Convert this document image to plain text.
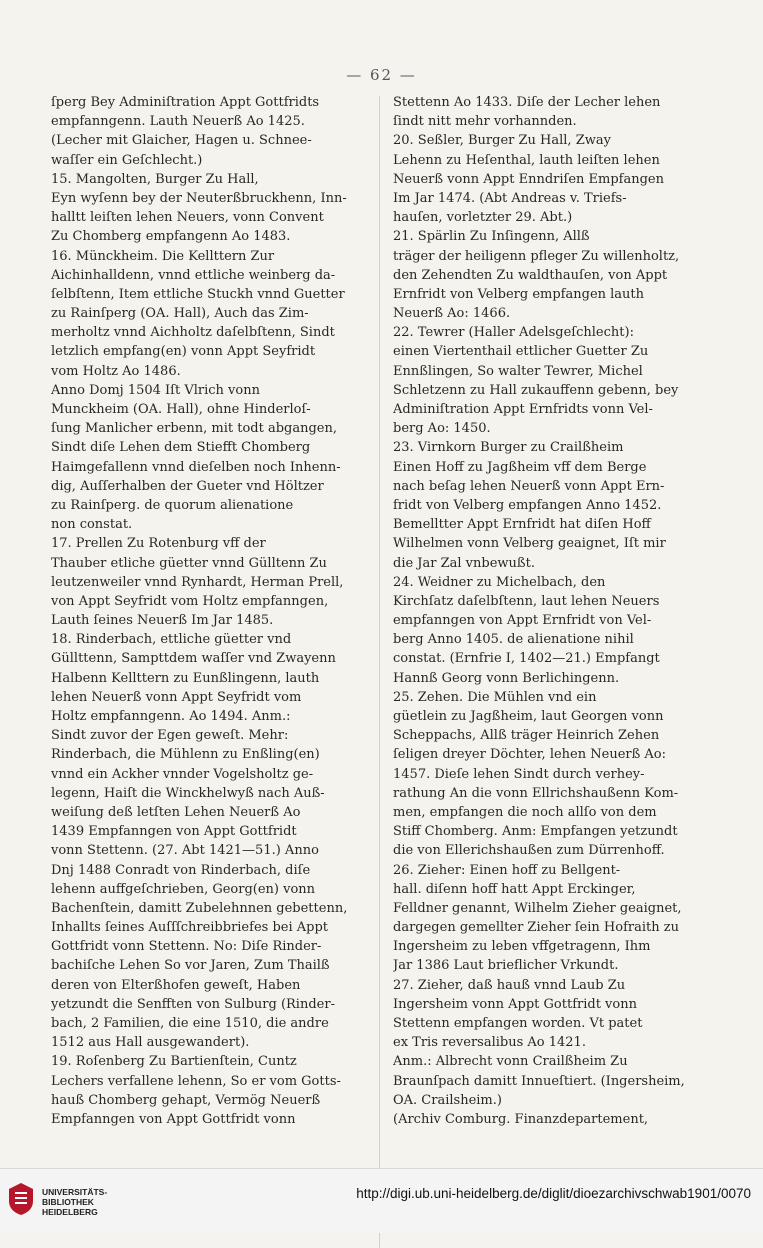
— 62 —
ſperg Bey Adminiſtration Appt Gottfridts
empfanngenn. Lauth Neuerß Ao 1425.
(Lecher mit Glaicher, Hagen u. Schnee-
waſſer ein Geſchlecht.)
15. Mangolten, Burger Zu Hall,
Eyn wyſenn bey der Neuterßbruckhenn, Inn-
halltt leiſten lehen Neuers, vonn Convent
Zu Chomberg empfangenn Ao 1483.
16. Münckheim. Die Kellttern Zur
Aichinhalldenn, vnnd ettliche weinberg da-
ſelbſtenn, Item ettliche Stuckh vnnd Guetter
zu Rainſperg (OA. Hall), Auch das Zim-
merholtz vnnd Aichholtz daſelbſtenn, Sindt
letzlich empfang(en) vonn Appt Seyfridt
vom Holtz Ao 1486.
Anno Domj 1504 Iſt Vlrich vonn
Munckheim (OA. Hall), ohne Hinderloſ-
ſung Manlicher erbenn, mit todt abgangen,
Sindt diſe Lehen dem Stiefft Chomberg
Haimgefallenn vnnd dieſelben noch Inhenn-
dig, Auſſerhalben der Gueter vnd Höltzer
zu Rainſperg. de quorum alienatione
non constat.
17. Prellen Zu Rotenburg vff der
Thauber etliche güetter vnnd Gülltenn Zu
leutzenweiler vnnd Rynhardt, Herman Prell,
von Appt Seyfridt vom Holtz empfanngen,
Lauth ſeines Neuerß Im Jar 1485.
18. Rinderbach, ettliche güetter vnd
Güllttenn, Sampttdem waſſer vnd Zwayenn
Halbenn Kellttern zu Eunßlingenn, lauth
lehen Neuerß vonn Appt Seyfridt vom
Holtz empfanngenn. Ao 1494. Anm.:
Sindt zuvor der Egen geweſt. Mehr:
Rinderbach, die Mühlenn zu Enßling(en)
vnnd ein Ackher vnnder Vogelsholtz ge-
legenn, Haiſt die Winckhelwyß nach Auß-
weiſung deß letſten Lehen Neuerß Ao
1439 Empfanngen von Appt Gottfridt
vonn Stettenn. (27. Abt 1421—51.) Anno
Dnj 1488 Conradt von Rinderbach, diſe
lehenn auffgeſchrieben, Georg(en) vonn
Bachenſtein, damitt Zubelehnnen gebettenn,
Inhallts ſeines Auſſſchreibbriefes bei Appt
Gottfridt vonn Stettenn. No: Diſe Rinder-
bachiſche Lehen So vor Jaren, Zum Thailß
deren von Elterßhofen geweſt, Haben
yetzundt die Senfften von Sulburg (Rinder-
bach, 2 Familien, die eine 1510, die andre
1512 aus Hall ausgewandert).
19. Roſenberg Zu Bartienſtein, Cuntz
Lechers verfallene lehenn, So er vom Gotts-
hauß Chomberg gehapt, Vermög Neuerß
Empfanngen von Appt Gottfridt vonn
Stettenn Ao 1433. Diſe der Lecher lehen
ſindt nitt mehr vorhannden.
20. Seßler, Burger Zu Hall, Zway
Lehenn zu Heſenthal, lauth leiſten lehen
Neuerß vonn Appt Enndriſen Empfangen
Im Jar 1474. (Abt Andreas v. Triefs-
hauſen, vorletzter 29. Abt.)
21. Spärlin Zu Inſingenn, Allß
träger der heiligenn pfleger Zu willenholtz,
den Zehendten Zu waldthauſen, von Appt
Ernfridt von Velberg empfangen lauth
Neuerß Ao: 1466.
22. Tewrer (Haller Adelsgeſchlecht):
einen Viertenthail ettlicher Guetter Zu
Ennßlingen, So walter Tewrer, Michel
Schletzenn zu Hall zukauffenn gebenn, bey
Adminiſtration Appt Ernfridts vonn Vel-
berg Ao: 1450.
23. Virnkorn Burger zu Crailßheim
Einen Hoff zu Jagßheim vff dem Berge
nach beſag lehen Neuerß vonn Appt Ern-
fridt von Velberg empfangen Anno 1452.
Bemelltter Appt Ernfridt hat diſen Hoff
Wilhelmen vonn Velberg geaignet, Iſt mir
die Jar Zal vnbewußt.
24. Weidner zu Michelbach, den
Kirchſatz daſelbſtenn, laut lehen Neuers
empfanngen von Appt Ernfridt von Vel-
berg Anno 1405. de alienatione nihil
constat. (Ernfrie I, 1402—21.) Empfangt
Hannß Georg vonn Berlichingenn.
25. Zehen. Die Mühlen vnd ein
güetlein zu Jagßheim, laut Georgen vonn
Scheppachs, Allß träger Heinrich Zehen
ſeligen dreyer Döchter, lehen Neuerß Ao:
1457. Dieſe lehen Sindt durch verhey-
rathung An die vonn Ellrichshaußenn Kom-
men, empfangen die noch allſo von dem
Stiff Chomberg. Anm: Empfangen yetzundt
die von Ellerichshaußen zum Dürrenhoff.
26. Zieher: Einen hoff zu Bellgent-
hall. diſenn hoff hatt Appt Erckinger,
Felldner genannt, Wilhelm Zieher geaignet,
dargegen gemellter Zieher ſein Hofraith zu
Ingersheim zu leben vffgetragenn, Ihm
Jar 1386 Laut brieflicher Vrkundt.
27. Zieher, daß hauß vnnd Laub Zu
Ingersheim vonn Appt Gottfridt vonn
Stettenn empfangen worden. Vt patet
ex Tris reversalibus Ao 1421.
Anm.: Albrecht vonn Crailßheim Zu
Braunſpach damitt Innueſtiert. (Ingersheim,
OA. Crailsheim.)
(Archiv Comburg. Finanzdepartement,
UNIVERSITÄTS-
BIBLIOTHEK
HEIDELBERG
http://digi.ub.uni-heidelberg.de/diglit/dioezarchivschwab1901/0070
